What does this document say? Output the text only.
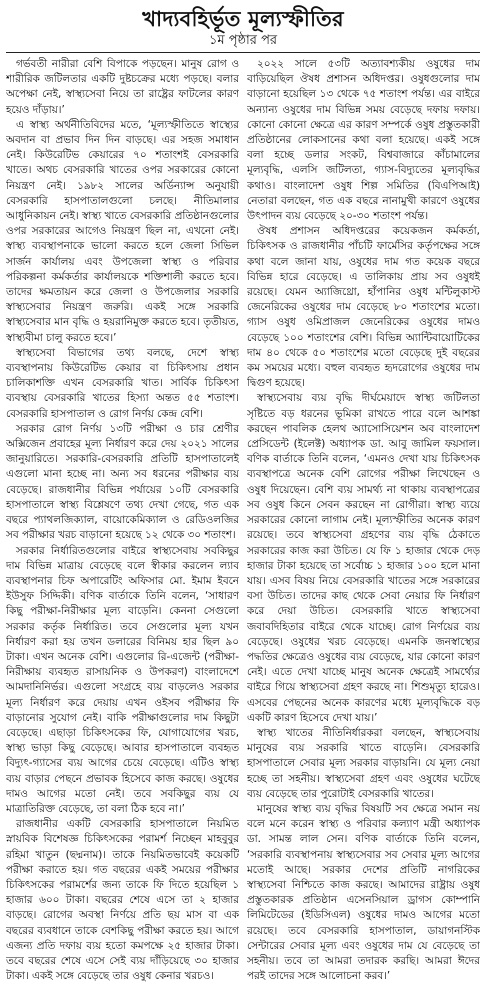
খাদ্যবহির্ভূত মূল্যস্ফীতির
১ম পৃষ্ঠার পর

গর্ভবতী নারীরা বেশি বিপাকে পড়ছেন। মানুষ রোগ ও শারীরিক জটিলতার একটি দুষ্টচক্রের মধ্যে পড়ছে। বলার অপেক্ষা নেই, স্বাস্থ্যসেবা নিয়ে তা রাষ্ট্রের ফাটলের কারণ হয়েও দাঁড়ায়।’

এ স্বাস্থ্য অর্থনীতিবিদের মতে, ‘মূল্যস্ফীতিতে স্বাস্থ্যের অবদান বা প্রভাব দিন দিন বাড়ছে। এর সহজ সমাধান নেই। কিউরেটিভ কেয়ারের ৭০ শতাংশই বেসরকারি খাতে। অথচ বেসরকারি খাতের ওপর সরকারের কোনো নিয়ন্ত্রণ নেই। ১৯৮২ সালের অর্ডিন্যান্স অনুযায়ী বেসরকারি হাসপাতালগুলো চলছে। নীতিমালার আধুনিকায়ন নেই। স্বাস্থ্য খাতে বেসরকারি প্রতিষ্ঠানগুলোর ওপর সরকারের আগেও নিয়ন্ত্রণ ছিল না, এখনো নেই। স্বাস্থ্য ব্যবস্থাপনাকে ভালো করতে হলে জেলা সিভিল সার্জন কার্যালয় এবং উপজেলা স্বাস্থ্য ও পরিবার পরিকল্পনা কর্মকর্তার কার্যালয়কে শক্তিশালী করতে হবে। তাদের ক্ষমতায়ন করে জেলা ও উপজেলার সরকারি স্বাস্থ্যসেবার নিয়ন্ত্রণ জরুরি। একই সঙ্গে সরকারি স্বাস্থ্যসেবার মান বৃদ্ধি ও হয়রানিমুক্ত করতে হবে। তৃতীয়ত, স্বাস্থ্যবীমা চালু করতে হবে।’

স্বাস্থ্যসেবা বিভাগের তথ্য বলছে, দেশে স্বাস্থ্য ব্যবস্থাপনায় কিউরেটিভ কেয়ার বা চিকিৎসায় প্রধান চালিকাশক্তি এখন বেসরকারি খাত। সার্বিক চিকিৎসা ব্যবস্থায় বেসরকারি খাতের হিস্যা অন্তত ৫৫ শতাংশ। বেসরকারি হাসপাতাল ও রোগ নির্ণয় কেন্দ্র বেশি।

সরকার রোগ নির্ণয় ১৩টি পরীক্ষা ও চার শ্রেণীর অক্সিজেন প্রবাহের মূল্য নির্ধারণ করে দেয় ২০২১ সালের জানুয়ারিতে। সরকারি-বেসরকারি প্রতিটি হাসপাতালেই এগুলো মানা হচ্ছে না। অন্য সব ধরনের পরীক্ষার ব্যয় বেড়েছে। রাজধানীর বিভিন্ন পর্যায়ের ১০টি বেসরকারি হাসপাতালে স্বাস্থ্য বিশ্লেষণে তথ্য দেখা গেছে, গত এক বছরে প্যাথলজিক্যাল, বায়োকেমিক্যাল ও রেডিওলজির সব পরীক্ষার খরচ বাড়ানো হয়েছে ১২ থেকে ৩০ শতাংশ।

সরকার নির্ধারিতগুলোর বাইরে স্বাস্থ্যসেবায় সবকিছুর দাম বিভিন্ন মাত্রায় বেড়েছে বলে স্বীকার করলেন ল্যাব ব্যবস্থাপনার চিফ অপারেটিং অফিসার মো. ইমাম ইবনে ইউসুফ সিদ্দিকী। বণিক বার্তাকে তিনি বলেন, ‘সাধারণ কিছু পরীক্ষা-নিরীক্ষার মূল্য বাড়েনি। কেননা সেগুলো সরকার কর্তৃক নির্ধারিত। তবে সেগুলোর মূল্য যখন নির্ধারণ করা হয় তখন ডলারের বিনিময় হার ছিল ৯০ টাকা। এখন অনেক বেশি। এগুলোর রি-এজেন্ট (পরীক্ষা-নিরীক্ষায় ব্যবহৃত রাসায়নিক ও উপকরণ) বাংলাদেশে আমদানিনির্ভর। এগুলো সংগ্রহে ব্যয় বাড়লেও সরকার মূল্য নির্ধারণ করে দেয়ায় এখন ওইসব পরীক্ষার ফি বাড়ানোর সুযোগ নেই। বাকি পরীক্ষাগুলোর দাম কিছুটা বেড়েছে। এছাড়া চিকিৎসকের ফি, যোগাযোগের খরচ, স্বাস্থ্য ভাড়া কিছু বেড়েছে। আবার হাসপাতালে ব্যবহৃত বিদ্যুৎ-গ্যাসের ব্যয় আগের চেয়ে বেড়েছে। এটিও স্বাস্থ্য ব্যয় বাড়ার পেছনে প্রভাবক হিসেবে কাজ করছে। ওষুধের দামও আগের মতো নেই। তবে সবকিছুর ব্যয় যে মাত্রাতিরিক্ত বেড়েছে, তা বলা ঠিক হবে না।’

রাজধানীর একটি বেসরকারি হাসপাতালে নিয়মিত স্নায়বিক বিশেষজ্ঞ চিকিৎসকের পরামর্শ নিচ্ছেন মাহবুবুর রহিমা খাতুন (ছদ্মনাম)। তাকে নিয়মিতভাবেই কয়েকটি পরীক্ষা করাতে হয়। গত বছরের একই সময়ের পরীক্ষার চিকিৎসকের পরামর্শের জন্য তাকে ফি দিতে হয়েছিল ১ হাজার ৬০০ টাকা। বছরের শেষে এসে তা ২ হাজার বাড়ছে। রোগের অবস্থা নির্ণয়ে প্রতি ছয় মাস বা এক বছরের ব্যবধানে তাকে বেশকিছু পরীক্ষা করতে হয়। আগে এজন্য প্রতি দফায় ব্যয় হতো কমপক্ষে ২৫ হাজার টাকা। তবে বছরের শেষে এসে সেই ব্যয় দাঁড়িয়েছে ৩০ হাজার টাকা। একই সঙ্গে বেড়েছে তার ওষুধ কেনার খরচও।

২০২২ সালে ৫৩টি অত্যাবশ্যকীয় ওষুধের দাম বাড়িয়েছিল ঔষধ প্রশাসন অধিদপ্তর। ওষুধগুলোর দাম বাড়ানো হয়েছিল ১৩ থেকে ৭৫ শতাংশ পর্যন্ত। এর বাইরে অন্যান্য ওষুধের দাম বিভিন্ন সময় বেড়েছে দফায় দফায়। কোনো কোনো ক্ষেত্রে এর কারণ সম্পর্কে ওষুধ প্রস্তুতকারী প্রতিষ্ঠানের লোকসানের কথা বলা হয়েছে। একই সঙ্গে বলা হচ্ছে ডলার সংকট, বিশ্ববাজারে কাঁচামালের মূল্যবৃদ্ধি, এলসি জটিলতা, গ্যাস-বিদ্যুতের মূল্যবৃদ্ধির কথাও। বাংলাদেশ ওষুধ শিল্প সমিতির (বিএপিআই) নেতারা বলছেন, গত এক বছরে নানামুখী কারণে ওষুধের উৎপাদন ব্যয় বেড়েছে ২০-৩০ শতাংশ পর্যন্ত।

ঔষধ প্রশাসন অধিদপ্তরের কয়েকজন কর্মকর্তা, চিকিৎসক ও রাজধানীর পাঁচটি ফার্মেসির কর্তৃপক্ষের সঙ্গে কথা বলে জানা যায়, ওষুধের দাম গত কয়েক বছরে বিভিন্ন হারে বেড়েছে। এ তালিকায় প্রায় সব ওষুধই রয়েছে। যেমন অ্যাজিথ্রো, হাঁপানির ওষুধ মন্টিলুকাস্ট জেনেরিকের ওষুধের দাম বেড়েছে ৮০ শতাংশের মতো। গ্যাস ওষুধ ওমিপ্রাজল জেনেরিকের ওষুধের দামও বেড়েছে ১০০ শতাংশের বেশি। বিভিন্ন অ্যান্টিবায়োটিকের দাম ৪০ থেকে ৫০ শতাংশের মতো বেড়েছে দুই বছরের কম সময়ের মধ্যে। বহুল ব্যবহৃত হৃদরোগের ওষুধের দাম দ্বিগুণ হয়েছে।

স্বাস্থ্যসেবায় ব্যয় বৃদ্ধি দীর্ঘমেয়াদে স্বাস্থ্য জটিলতা সৃষ্টিতে বড় ধরনের ভূমিকা রাখতে পারে বলে আশঙ্কা করছেন পাবলিক হেলথ অ্যাসোসিয়েশন অব বাংলাদেশ প্রেসিডেন্ট (ইলেক্ট) অধ্যাপক ডা. আবু জামিল ফয়সাল। বণিক বার্তাকে তিনি বলেন, ‘এমনও দেখা যায় চিকিৎসক ব্যবস্থাপত্রে অনেক বেশি রোগের পরীক্ষা লিখেছেন ও ওষুধ দিয়েছেন। বেশি ব্যয় সামর্থ্য না থাকায় ব্যবস্থাপত্রের সব ওষুধ কিনে সেবন করছেন না রোগীরা। স্বাস্থ্য ব্যয়ে সরকারের কোনো লাগাম নেই। মূল্যস্ফীতির অনেক কারণ রয়েছে। তবে স্বাস্থ্যসেবা গ্রহণের ব্যয় বৃদ্ধি ঠেকাতে সরকারের কাজ করা উচিত। যে ফি ১ হাজার থেকে দেড় হাজার টাকা হয়েছে তা সর্বোচ্চ ১ হাজার ১০০ হলে মানা যায়। এসব বিষয় নিয়ে বেসরকারি খাতের সঙ্গে সরকারের বসা উচিত। তাদের কাছ থেকে সেবা নেয়ার ফি নির্ধারণ করে দেয়া উচিত। বেসরকারি খাতে স্বাস্থ্যসেবা জবাবদিহিতার বাইরে থেকে যাচ্ছে। রোগ নির্ণয়ের ব্যয় বেড়েছে। ওষুধের খরচ বেড়েছে। এমনকি জনস্বাস্থ্যের পদ্ধতির ক্ষেত্রেও ওষুধের ব্যয় বেড়েছে, যার কোনো কারণ নেই। এতে দেখা যাচ্ছে মানুষ অনেক ক্ষেত্রেই সামর্থ্যের বাইরে গিয়ে স্বাস্থ্যসেবা গ্রহণ করছে না। শিশুমৃত্যু হারেও। এসবের পেছনের অনেক কারণের মধ্যে মূল্যবৃদ্ধিকে বড় একটি কারণ হিসেবে দেখা যায়।’

স্বাস্থ্য খাতের নীতিনির্ধারকরা বলছেন, স্বাস্থ্যসেবায় মানুষের ব্যয় সরকারি খাতে বাড়েনি। বেসরকারি হাসপাতালে সেবার মূল্য সরকার বাড়ায়নি। যে মূল্য নেয়া হচ্ছে তা সহনীয়। স্বাস্থ্যসেবা গ্রহণ এবং ওষুধের ঘটেছে ব্যয় বেড়েছে তার পুরোটাই বেসরকারি খাতের।

মানুষের স্বাস্থ্য ব্যয় বৃদ্ধির বিষয়টি সব ক্ষেত্রে সমান নয় বলে মনে করেন স্বাস্থ্য ও পরিবার কল্যাণ মন্ত্রী অধ্যাপক ডা. সামন্ত লাল সেন। বণিক বার্তাকে তিনি বলেন, ‘সরকারি ব্যবস্থাপনায় স্বাস্থ্যসেবার সব সেবার মূল্য আগের মতোই আছে। সরকার দেশের প্রতিটি নাগরিকের স্বাস্থ্যসেবা নিশ্চিতে কাজ করছে। আমাদের রাষ্ট্রায় ওষুধ প্রস্তুতকারক প্রতিষ্ঠান এসেনসিয়াল ড্রাগস কোম্পানি লিমিটেডের (ইডিসিএল) ওষুধের দামও আগের মতো রয়েছে। তবে বেসরকারি হাসপাতাল, ডায়াগনস্টিক সেন্টারের সেবার মূল্য এবং ওষুধের দাম যে বেড়েছে তা সহনীয়। তবে তা আমরা তদারক করছি। আমরা ঈদের পরই তাদের সঙ্গে আলোচনা করব।’
